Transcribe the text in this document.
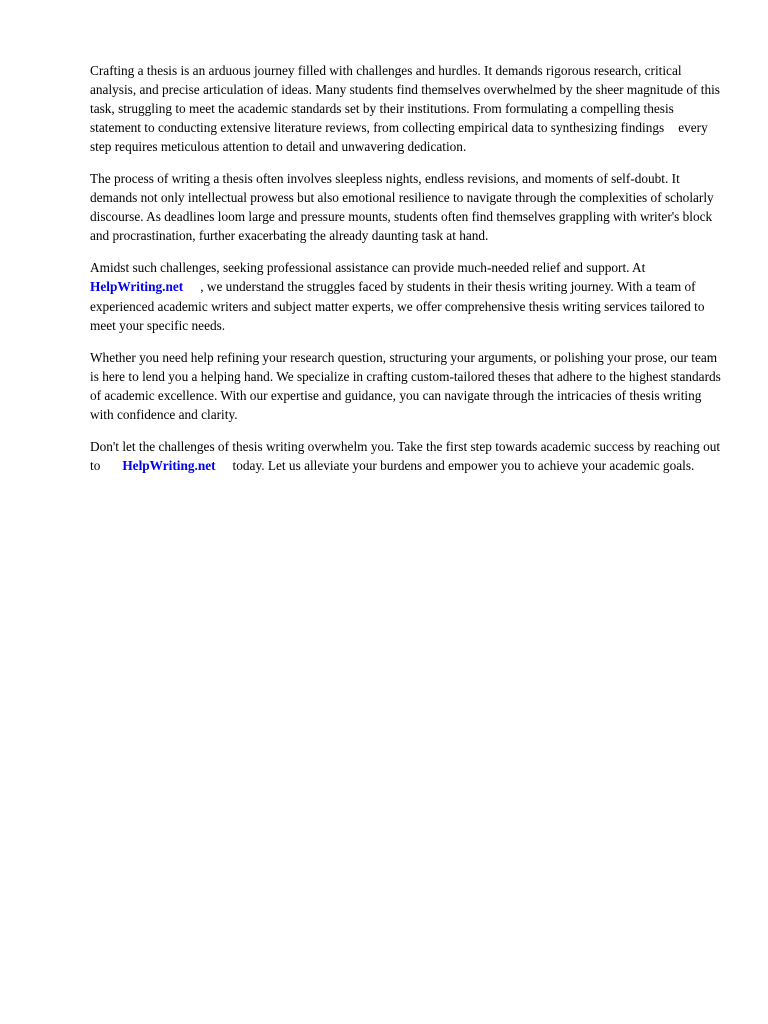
Crafting a thesis is an arduous journey filled with challenges and hurdles. It demands rigorous research, critical analysis, and precise articulation of ideas. Many students find themselves overwhelmed by the sheer magnitude of this task, struggling to meet the academic standards set by their institutions. From formulating a compelling thesis statement to conducting extensive literature reviews, from collecting empirical data to synthesizing findings every step requires meticulous attention to detail and unwavering dedication.

The process of writing a thesis often involves sleepless nights, endless revisions, and moments of self-doubt. It demands not only intellectual prowess but also emotional resilience to navigate through the complexities of scholarly discourse. As deadlines loom large and pressure mounts, students often find themselves grappling with writer's block and procrastination, further exacerbating the already daunting task at hand.

Amidst such challenges, seeking professional assistance can provide much-needed relief and support. AtHelpWriting.net , we understand the struggles faced by students in their thesis writing journey. With a team of experienced academic writers and subject matter experts, we offer comprehensive thesis writing services tailored to meet your specific needs.

Whether you need help refining your research question, structuring your arguments, or polishing your prose, our team is here to lend you a helping hand. We specialize in crafting custom-tailored theses that adhere to the highest standards of academic excellence. With our expertise and guidance, you can navigate through the intricacies of thesis writing with confidence and clarity.

Don't let the challenges of thesis writing overwhelm you. Take the first step towards academic success by reaching out to HelpWriting.net today. Let us alleviate your burdens and empower you to achieve your academic goals.
